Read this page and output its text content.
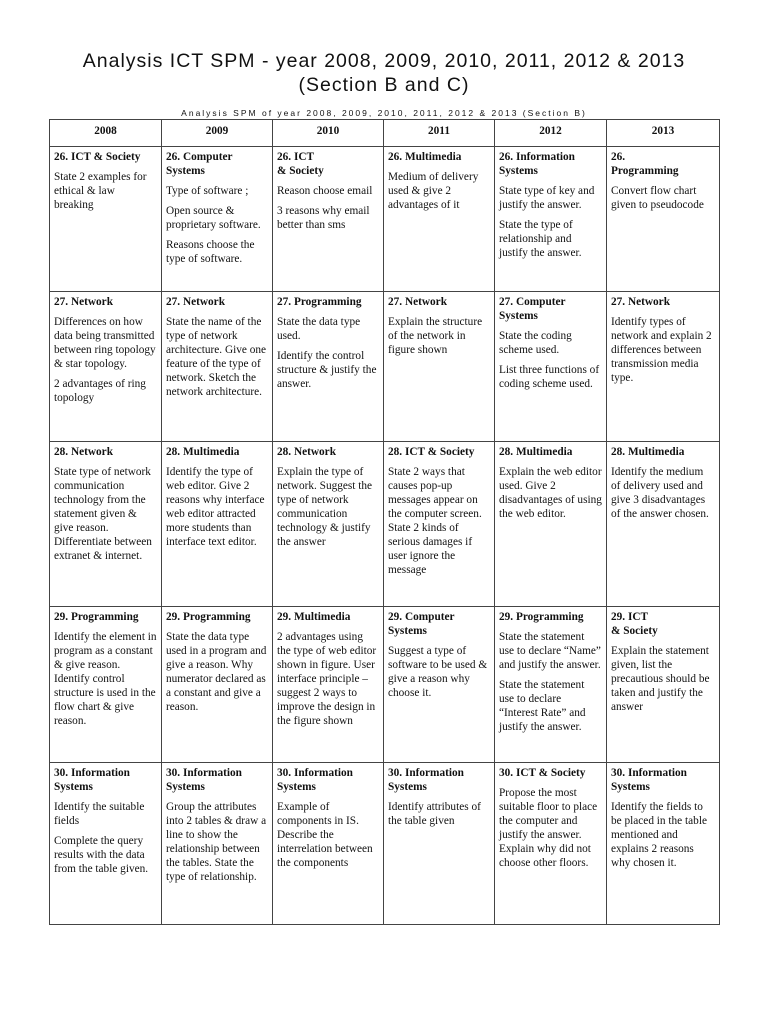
Analysis ICT SPM - year 2008, 2009, 2010, 2011, 2012 & 2013
(Section B and C)

Analysis SPM of year 2008, 2009, 2010, 2011, 2012 & 2013 (Section B)

2008	2009	2010	2011	2012	2013

26. ICT & Society
State 2 examples for ethical & law breaking	26. Computer Systems
Type of software ;
Open source & proprietary software.
Reasons choose the type of software.	26. ICT
& Society
Reason choose email
3 reasons why email better than sms	26. Multimedia
Medium of delivery used & give 2 advantages of it	26. Information Systems
State type of key and justify the answer.
State the type of relationship and justify the answer.	26.
Programming
Convert flow chart given to pseudocode

27. Network
Differences on how data being transmitted between ring topology & star topology.
2 advantages of ring topology	27. Network
State the name of the type of network architecture. Give one feature of the type of network. Sketch the network architecture.	27. Programming
State the data type used.
Identify the control structure & justify the answer.	27. Network
Explain the structure of the network in figure shown	27. Computer Systems
State the coding scheme used.
List three functions of coding scheme used.	27. Network
Identify types of network and explain 2 differences between transmission media type.

28. Network
State type of network communication technology from the statement given & give reason. Differentiate between extranet & internet.	28. Multimedia
Identify the type of web editor. Give 2 reasons why interface web editor attracted more students than interface text editor.	28. Network
Explain the type of network. Suggest the type of network communication technology & justify the answer	28. ICT & Society
State 2 ways that causes pop-up messages appear on the computer screen. State 2 kinds of serious damages if user ignore the message	28. Multimedia
Explain the web editor used. Give 2 disadvantages of using the web editor.	28. Multimedia
Identify the medium of delivery used and give 3 disadvantages of the answer chosen.

29. Programming
Identify the element in program as a constant & give reason. Identify control structure is used in the flow chart & give reason.	29. Programming
State the data type used in a program and give a reason. Why numerator declared as a constant and give a reason.	29. Multimedia
2 advantages using the type of web editor shown in figure. User interface principle – suggest 2 ways to improve the design in the figure shown	29. Computer Systems
Suggest a type of software to be used & give a reason why choose it.	29. Programming
State the statement use to declare “Name” and justify the answer.
State the statement use to declare “Interest Rate” and justify the answer.	29. ICT
& Society
Explain the statement given, list the precautious should be taken and justify the answer

30. Information Systems
Identify the suitable fields
Complete the query results with the data from the table given.	30. Information Systems
Group the attributes into 2 tables & draw a line to show the relationship between the tables. State the type of relationship.	30. Information Systems
Example of components in IS. Describe the interrelation between the components	30. Information Systems
Identify attributes of the table given	30. ICT & Society
Propose the most suitable floor to place the computer and justify the answer. Explain why did not choose other floors.	30. Information Systems
Identify the fields to be placed in the table mentioned and explains 2 reasons why chosen it.
